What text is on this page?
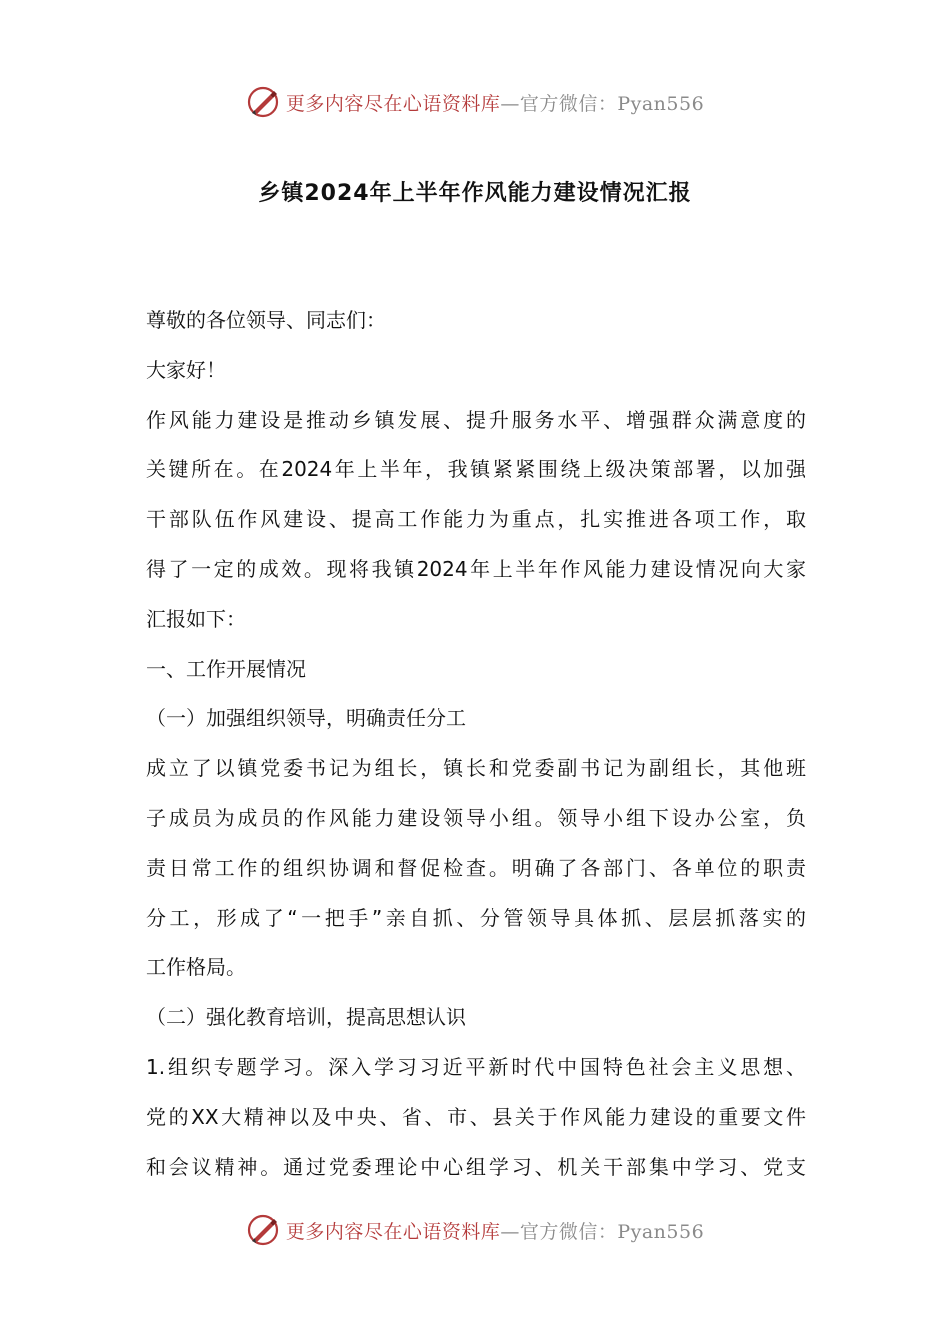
更多内容尽在心语资料库—官方微信：Pyan556
乡镇2024年上半年作风能力建设情况汇报
尊敬的各位领导、同志们：
大家好！
作风能力建设是推动乡镇发展、提升服务水平、增强群众满意度的
关键所在。在2024年上半年，我镇紧紧围绕上级决策部署，以加强
干部队伍作风建设、提高工作能力为重点，扎实推进各项工作，取
得了一定的成效。现将我镇2024年上半年作风能力建设情况向大家
汇报如下：
一、工作开展情况
（一）加强组织领导，明确责任分工
成立了以镇党委书记为组长，镇长和党委副书记为副组长，其他班
子成员为成员的作风能力建设领导小组。领导小组下设办公室，负
责日常工作的组织协调和督促检查。明确了各部门、各单位的职责
分工，形成了“一把手”亲自抓、分管领导具体抓、层层抓落实的
工作格局。
（二）强化教育培训，提高思想认识
1.组织专题学习。深入学习习近平新时代中国特色社会主义思想、
党的XX大精神以及中央、省、市、县关于作风能力建设的重要文件
和会议精神。通过党委理论中心组学习、机关干部集中学习、党支
更多内容尽在心语资料库—官方微信：Pyan556
